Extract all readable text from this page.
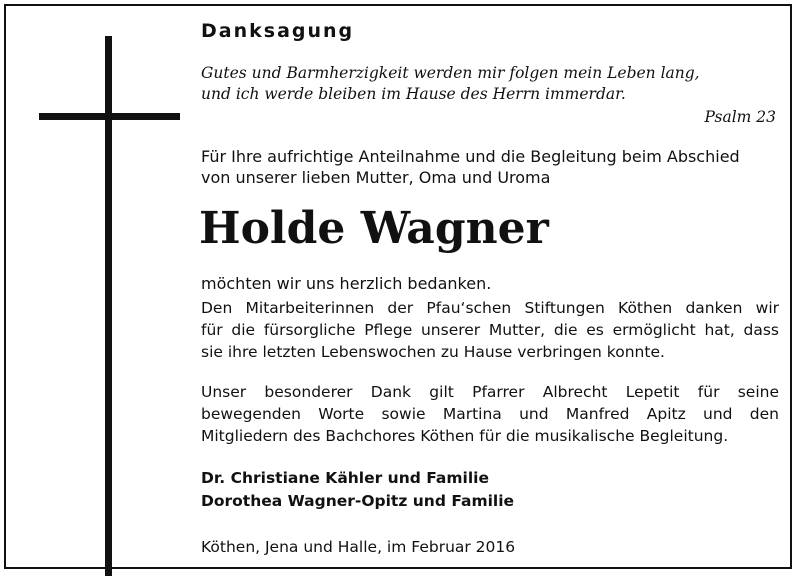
Danksagung

Gutes und Barmherzigkeit werden mir folgen mein Leben lang,
und ich werde bleiben im Hause des Herrn immerdar.

Psalm 23

Für Ihre aufrichtige Anteilnahme und die Begleitung beim Abschied
von unserer lieben Mutter, Oma und Uroma

Holde Wagner

möchten wir uns herzlich bedanken.

Den Mitarbeiterinnen der Pfau‘schen Stiftungen Köthen danken wir
für die fürsorgliche Pflege unserer Mutter, die es ermöglicht hat, dass
sie ihre letzten Lebenswochen zu Hause verbringen konnte.

Unser besonderer Dank gilt Pfarrer Albrecht Lepetit für seine
bewegenden Worte sowie Martina und Manfred Apitz und den
Mitgliedern des Bachchores Köthen für die musikalische Begleitung.

Dr. Christiane Kähler und Familie
Dorothea Wagner-Opitz und Familie

Köthen, Jena und Halle, im Februar 2016
